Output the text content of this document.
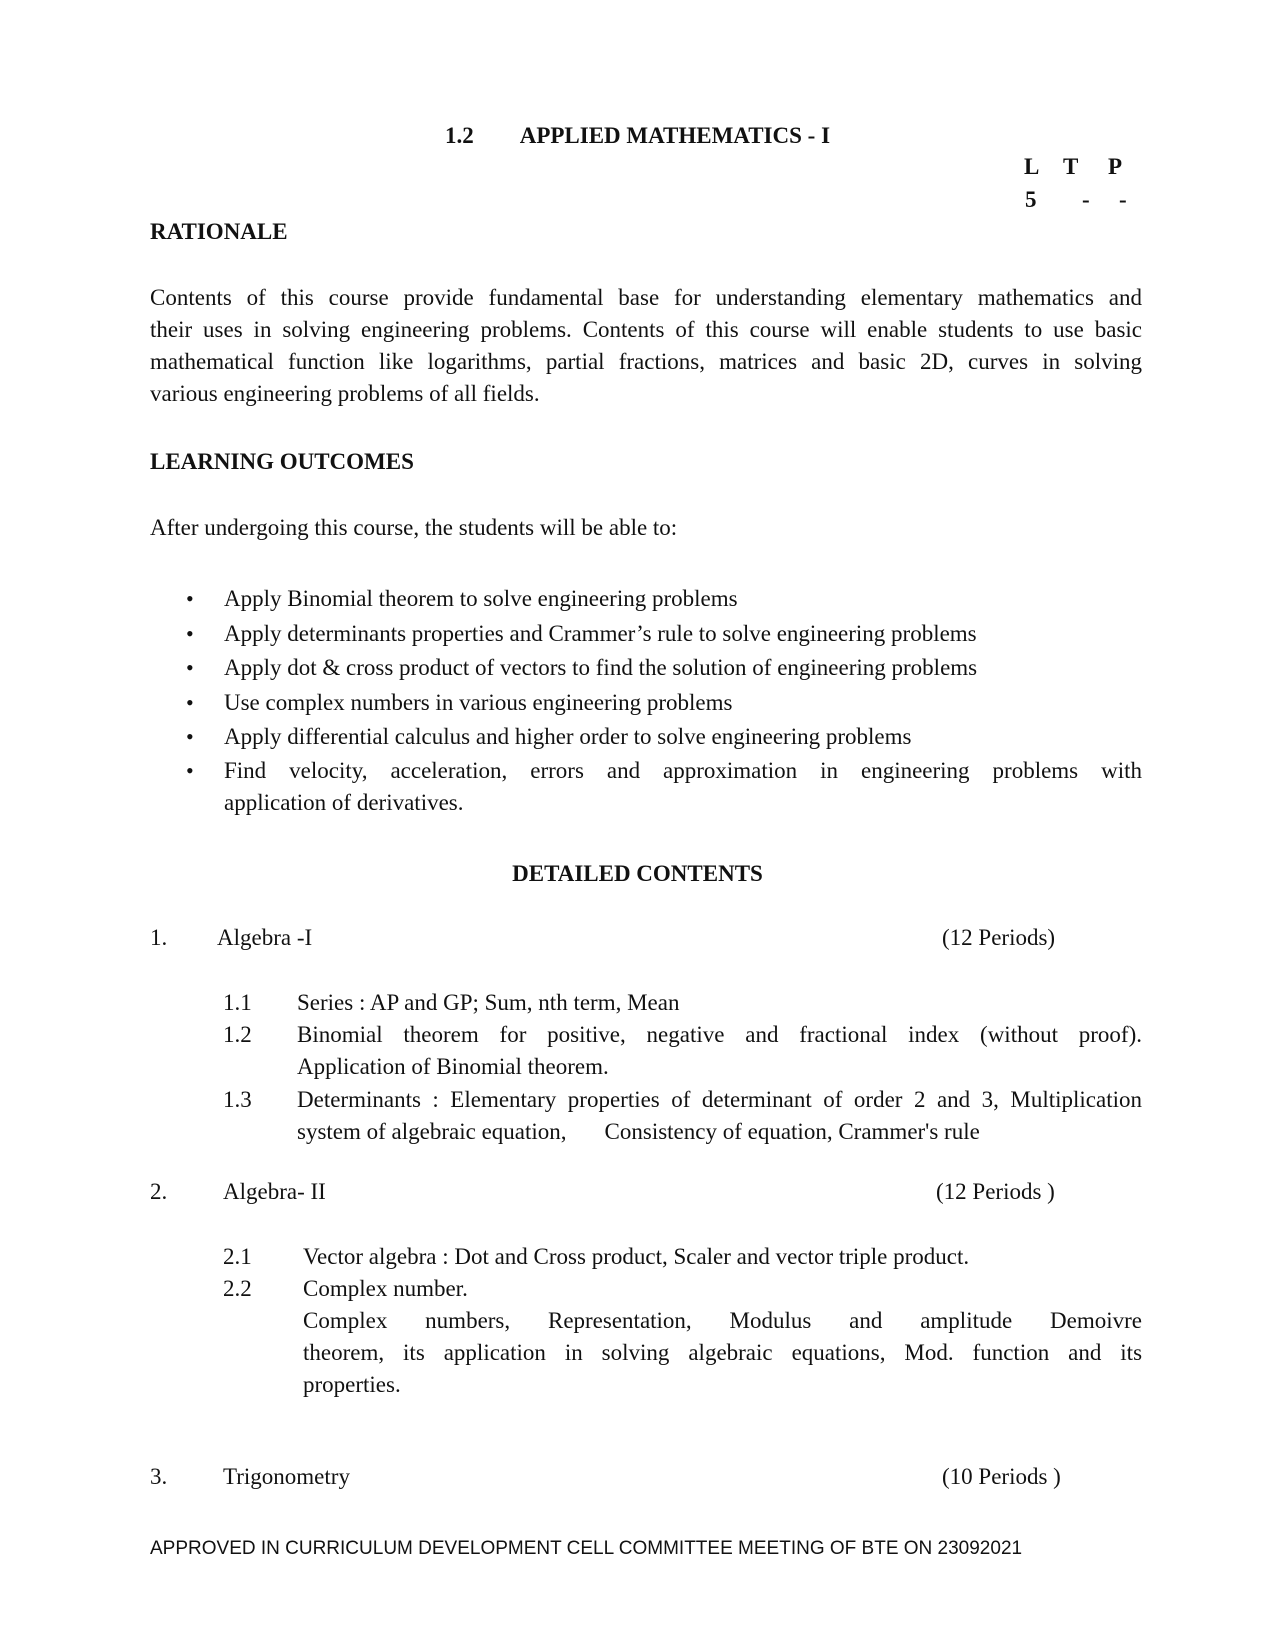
1.2 APPLIED MATHEMATICS - I
L T P
5 - -
RATIONALE
Contents of this course provide fundamental base for understanding elementary mathematics and
their uses in solving engineering problems. Contents of this course will enable students to use basic
mathematical function like logarithms, partial fractions, matrices and basic 2D, curves in solving
various engineering problems of all fields.
LEARNING OUTCOMES
After undergoing this course, the students will be able to:
• Apply Binomial theorem to solve engineering problems
• Apply determinants properties and Crammer’s rule to solve engineering problems
• Apply dot & cross product of vectors to find the solution of engineering problems
• Use complex numbers in various engineering problems
• Apply differential calculus and higher order to solve engineering problems
• Find velocity, acceleration, errors and approximation in engineering problems with
application of derivatives.
DETAILED CONTENTS
1. Algebra -I	(12 Periods)
1.1 Series : AP and GP; Sum, nth term, Mean
1.2 Binomial theorem for positive, negative and fractional index (without proof).
Application of Binomial theorem.
1.3 Determinants : Elementary properties of determinant of order 2 and 3, Multiplication
system of algebraic equation, Consistency of equation, Crammer's rule
2. Algebra- II	(12 Periods )
2.1 Vector algebra : Dot and Cross product, Scaler and vector triple product.
2.2 Complex number.
Complex numbers, Representation, Modulus and amplitude Demoivre
theorem, its application in solving algebraic equations, Mod. function and its
properties.
3. Trigonometry	(10 Periods )
APPROVED IN CURRICULUM DEVELOPMENT CELL COMMITTEE MEETING OF BTE ON 23092021
